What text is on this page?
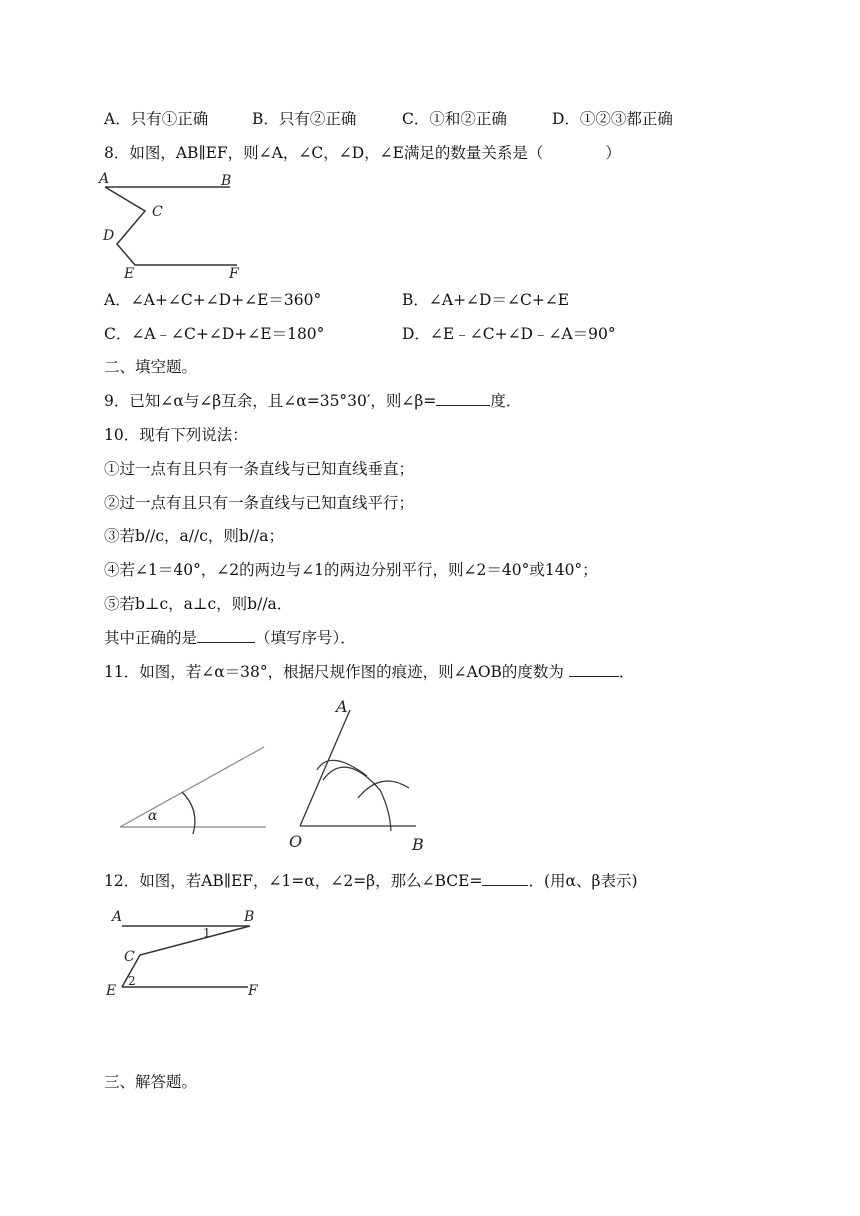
A．只有①正确	B．只有②正确	C．①和②正确	D．①②③都正确
8．如图，AB∥EF，则∠A，∠C，∠D，∠E满足的数量关系是（　　　　）
A	B
C
D
E	F
A．∠A+∠C+∠D+∠E＝360°	B．∠A+∠D＝∠C+∠E
C．∠A﹣∠C+∠D+∠E＝180°	D．∠E﹣∠C+∠D﹣∠A＝90°
二、填空题。
9．已知∠α与∠β互余，且∠α=35°30′，则∠β=	度．
10．现有下列说法：
①过一点有且只有一条直线与已知直线垂直；
②过一点有且只有一条直线与已知直线平行；
③若b//c，a//c，则b//a；
④若∠1＝40°，∠2的两边与∠1的两边分别平行，则∠2＝40°或140°；
⑤若b⊥c，a⊥c，则b//a．
其中正确的是	（填写序号）．
11．如图，若∠α＝38°，根据尺规作图的痕迹，则∠AOB的度数为	．
α
A
O	B
12．如图，若AB∥EF，∠1=α，∠2=β，那么∠BCE=	．(用α、β表示)
A	B
C
E	F
1
2
三、解答题。
